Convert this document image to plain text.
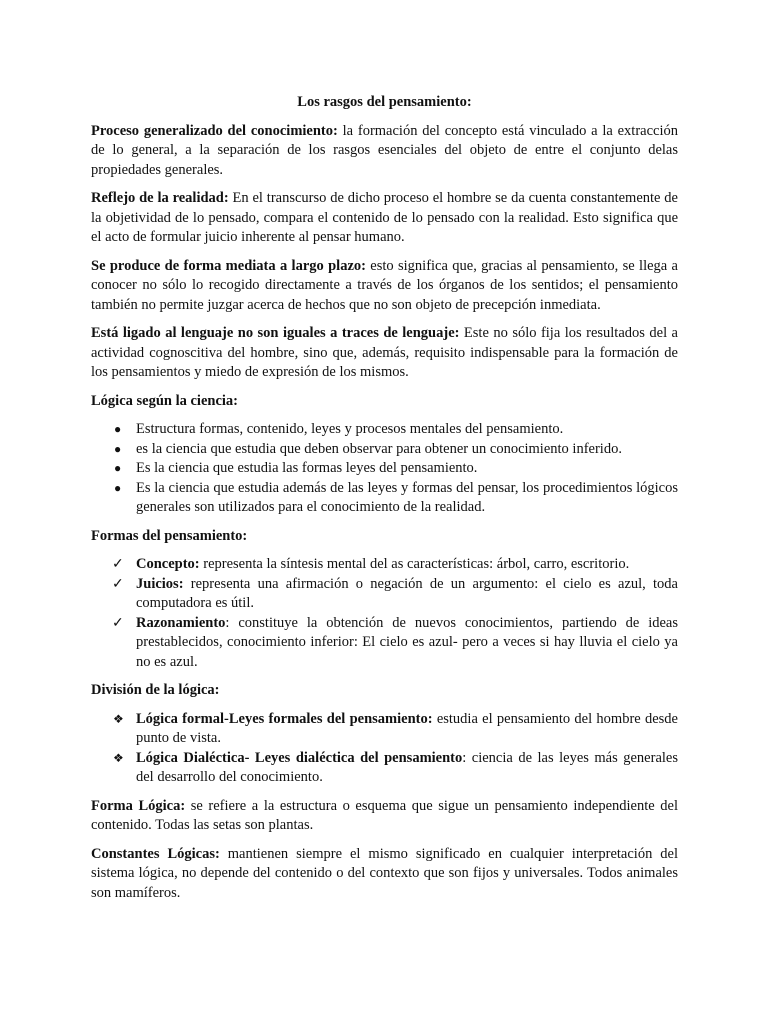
Los rasgos del pensamiento:

Proceso generalizado del conocimiento: la formación del concepto está vinculado a la extracción de lo general, a la separación de los rasgos esenciales del objeto de entre el conjunto delas propiedades generales.

Reflejo de la realidad: En el transcurso de dicho proceso el hombre se da cuenta constantemente de la objetividad de lo pensado, compara el contenido de lo pensado con la realidad. Esto significa que el acto de formular juicio inherente al pensar humano.

Se produce de forma mediata a largo plazo: esto significa que, gracias al pensamiento, se llega a conocer no sólo lo recogido directamente a través de los órganos de los sentidos; el pensamiento también no permite juzgar acerca de hechos que no son objeto de precepción inmediata.

Está ligado al lenguaje no son iguales a traces de lenguaje: Este no sólo fija los resultados del a actividad cognoscitiva del hombre, sino que, además, requisito indispensable para la formación de los pensamientos y miedo de expresión de los mismos.

Lógica según la ciencia:
●	Estructura formas, contenido, leyes y procesos mentales del pensamiento.
●	es la ciencia que estudia que deben observar para obtener un conocimiento inferido.
●	Es la ciencia que estudia las formas leyes del pensamiento.
●	Es la ciencia que estudia además de las leyes y formas del pensar, los procedimientos lógicos generales son utilizados para el conocimiento de la realidad.
Formas del pensamiento:
✓ Concepto: representa la síntesis mental del as características: árbol, carro, escritorio.
✓ Juicios: representa una afirmación o negación de un argumento: el cielo es azul, toda computadora es útil.
✓ Razonamiento: constituye la obtención de nuevos conocimientos, partiendo de ideas prestablecidos, conocimiento inferior: El cielo es azul- pero a veces si hay lluvia el cielo ya no es azul.
División de la lógica:
❖ Lógica formal-Leyes formales del pensamiento: estudia el pensamiento del hombre desde punto de vista.
❖ Lógica Dialéctica- Leyes dialéctica del pensamiento: ciencia de las leyes más generales del desarrollo del conocimiento.

Forma Lógica: se refiere a la estructura o esquema que sigue un pensamiento independiente del contenido. Todas las setas son plantas.

Constantes Lógicas: mantienen siempre el mismo significado en cualquier interpretación del sistema lógica, no depende del contenido o del contexto que son fijos y universales. Todos animales son mamíferos.
